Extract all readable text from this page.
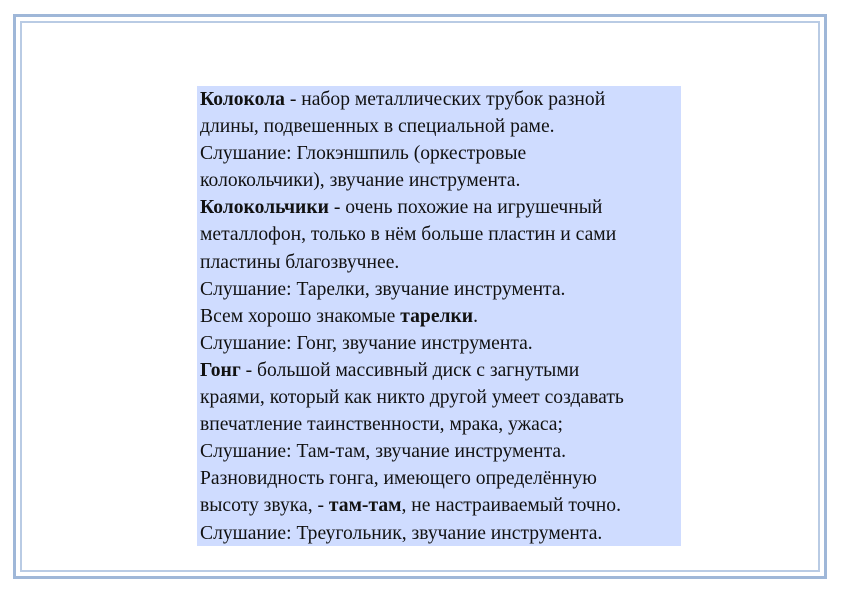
Колокола - набор металлических трубок разной
длины, подвешенных в специальной раме.
Слушание: Глокэншпиль (оркестровые
колокольчики), звучание инструмента.
Колокольчики - очень похожие на игрушечный
металлофон, только в нём больше пластин и сами
пластины благозвучнее.
Слушание: Тарелки, звучание инструмента.
Всем хорошо знакомые тарелки.
Слушание: Гонг, звучание инструмента.
Гонг - большой массивный диск с загнутыми
краями, который как никто другой умеет создавать
впечатление таинственности, мрака, ужаса;
Слушание: Там-там, звучание инструмента.
Разновидность гонга, имеющего определённую
высоту звука, - там-там, не настраиваемый точно.
Слушание: Треугольник, звучание инструмента.
